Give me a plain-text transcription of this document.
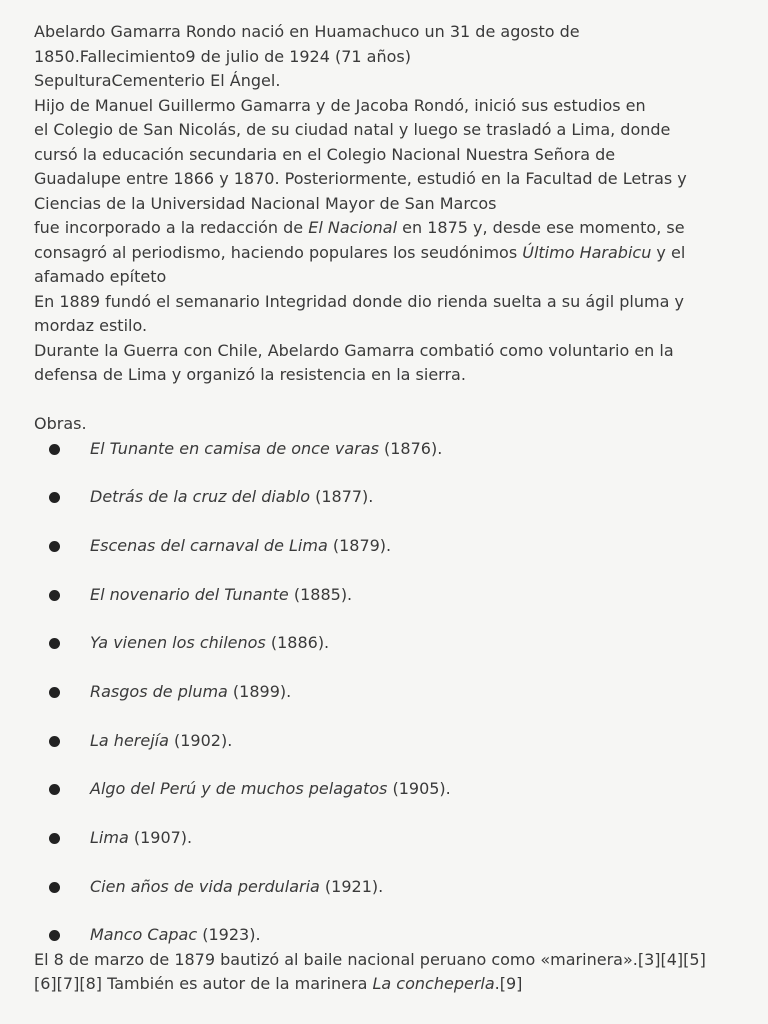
Abelardo Gamarra Rondo nació en Huamachuco un 31 de agosto de

1850.Fallecimiento9 de julio de 1924 (71 años)

SepulturaCementerio El Ángel.

Hijo de Manuel Guillermo Gamarra y de Jacoba Rondó, inició sus estudios en

el Colegio de San Nicolás, de su ciudad natal y luego se trasladó a Lima, donde

cursó la educación secundaria en el Colegio Nacional Nuestra Señora de

Guadalupe entre 1866 y 1870. Posteriormente, estudió en la Facultad de Letras y

Ciencias de la Universidad Nacional Mayor de San Marcos

fue incorporado a la redacción de El Nacional en 1875 y, desde ese momento, se

consagró al periodismo, haciendo populares los seudónimos Último Harabicu y el

afamado epíteto

En 1889 fundó el semanario Integridad donde dio rienda suelta a su ágil pluma y

mordaz estilo.

Durante la Guerra con Chile, Abelardo Gamarra combatió como voluntario en la

defensa de Lima y organizó la resistencia en la sierra.

Obras.

El Tunante en camisa de once varas (1876).
Detrás de la cruz del diablo (1877).
Escenas del carnaval de Lima (1879).
El novenario del Tunante (1885).
Ya vienen los chilenos (1886).
Rasgos de pluma (1899).
La herejía (1902).
Algo del Perú y de muchos pelagatos (1905).
Lima (1907).
Cien años de vida perdularia (1921).
Manco Capac (1923).

El 8 de marzo de 1879 bautizó al baile nacional peruano como «marinera».[3][4][5]

[6][7][8] También es autor de la marinera La concheperla.[9]
